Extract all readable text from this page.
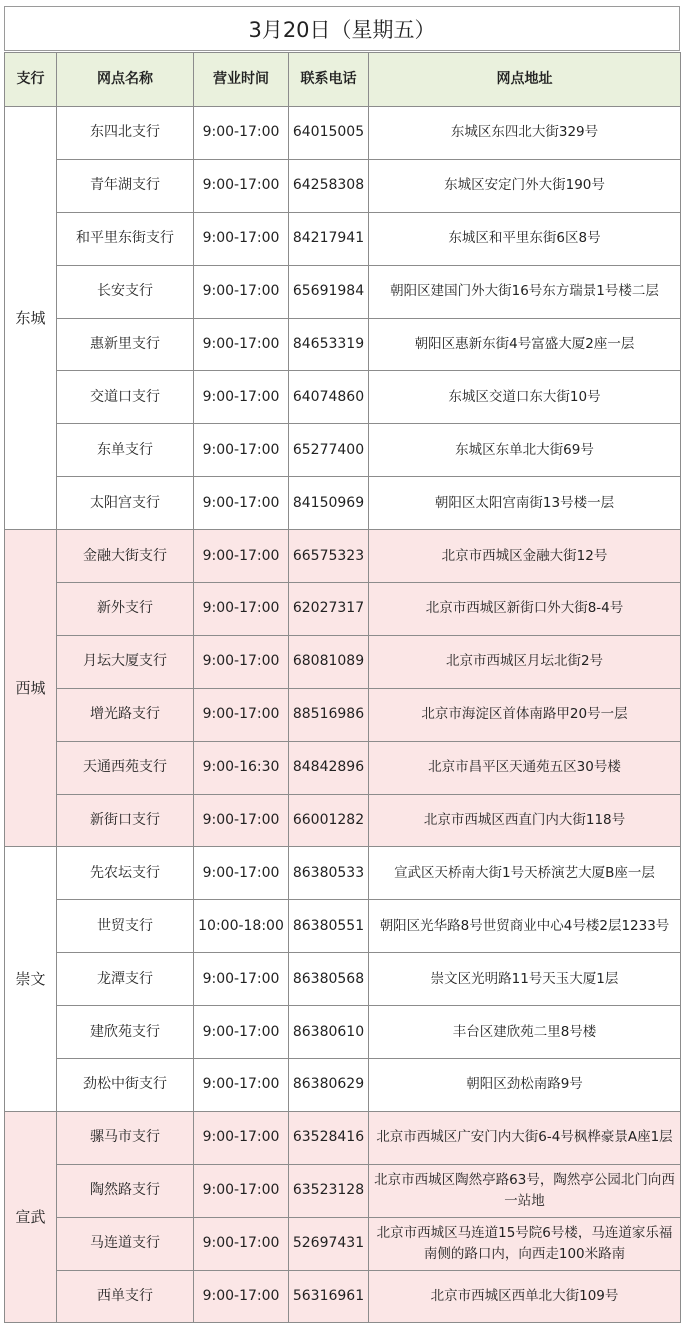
3月20日（星期五）
支行	网点名称	营业时间	联系电话	网点地址
东城	东四北支行	9:00-17:00	64015005	东城区东四北大街329号
	青年湖支行	9:00-17:00	64258308	东城区安定门外大街190号
	和平里东街支行	9:00-17:00	84217941	东城区和平里东街6区8号
	长安支行	9:00-17:00	65691984	朝阳区建国门外大街16号东方瑞景1号楼二层
	惠新里支行	9:00-17:00	84653319	朝阳区惠新东街4号富盛大厦2座一层
	交道口支行	9:00-17:00	64074860	东城区交道口东大街10号
	东单支行	9:00-17:00	65277400	东城区东单北大街69号
	太阳宫支行	9:00-17:00	84150969	朝阳区太阳宫南街13号楼一层
西城	金融大街支行	9:00-17:00	66575323	北京市西城区金融大街12号
	新外支行	9:00-17:00	62027317	北京市西城区新街口外大街8-4号
	月坛大厦支行	9:00-17:00	68081089	北京市西城区月坛北街2号
	增光路支行	9:00-17:00	88516986	北京市海淀区首体南路甲20号一层
	天通西苑支行	9:00-16:30	84842896	北京市昌平区天通苑五区30号楼
	新街口支行	9:00-17:00	66001282	北京市西城区西直门内大街118号
崇文	先农坛支行	9:00-17:00	86380533	宣武区天桥南大街1号天桥演艺大厦B座一层
	世贸支行	10:00-18:00	86380551	朝阳区光华路8号世贸商业中心4号楼2层1233号
	龙潭支行	9:00-17:00	86380568	崇文区光明路11号天玉大厦1层
	建欣苑支行	9:00-17:00	86380610	丰台区建欣苑二里8号楼
	劲松中街支行	9:00-17:00	86380629	朝阳区劲松南路9号
宣武	骡马市支行	9:00-17:00	63528416	北京市西城区广安门内大街6-4号枫桦豪景A座1层
	陶然路支行	9:00-17:00	63523128	北京市西城区陶然亭路63号，陶然亭公园北门向西一站地
	马连道支行	9:00-17:00	52697431	北京市西城区马连道15号院6号楼，马连道家乐福南侧的路口内，向西走100米路南
	西单支行	9:00-17:00	56316961	北京市西城区西单北大街109号
